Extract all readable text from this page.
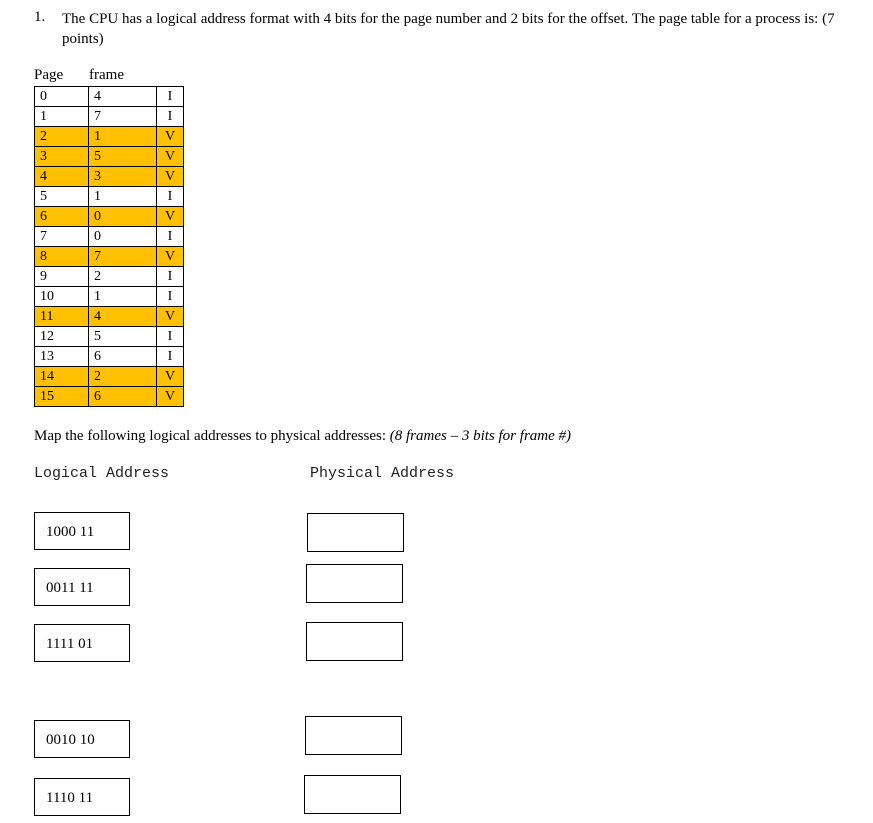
1. The CPU has a logical address format with 4 bits for the page number and 2 bits for the offset. The page table for a process is: (7 points)
Page frame
0	4	I
1	7	I
2	1	V
3	5	V
4	3	V
5	1	I
6	0	V
7	0	I
8	7	V
9	2	I
10	1	I
11	4	V
12	5	I
13	6	I
14	2	V
15	6	V
Map the following logical addresses to physical addresses: (8 frames – 3 bits for frame #)
Logical Address	Physical Address
1000 11
0011 11
1111 01
0010 10
1110 11
